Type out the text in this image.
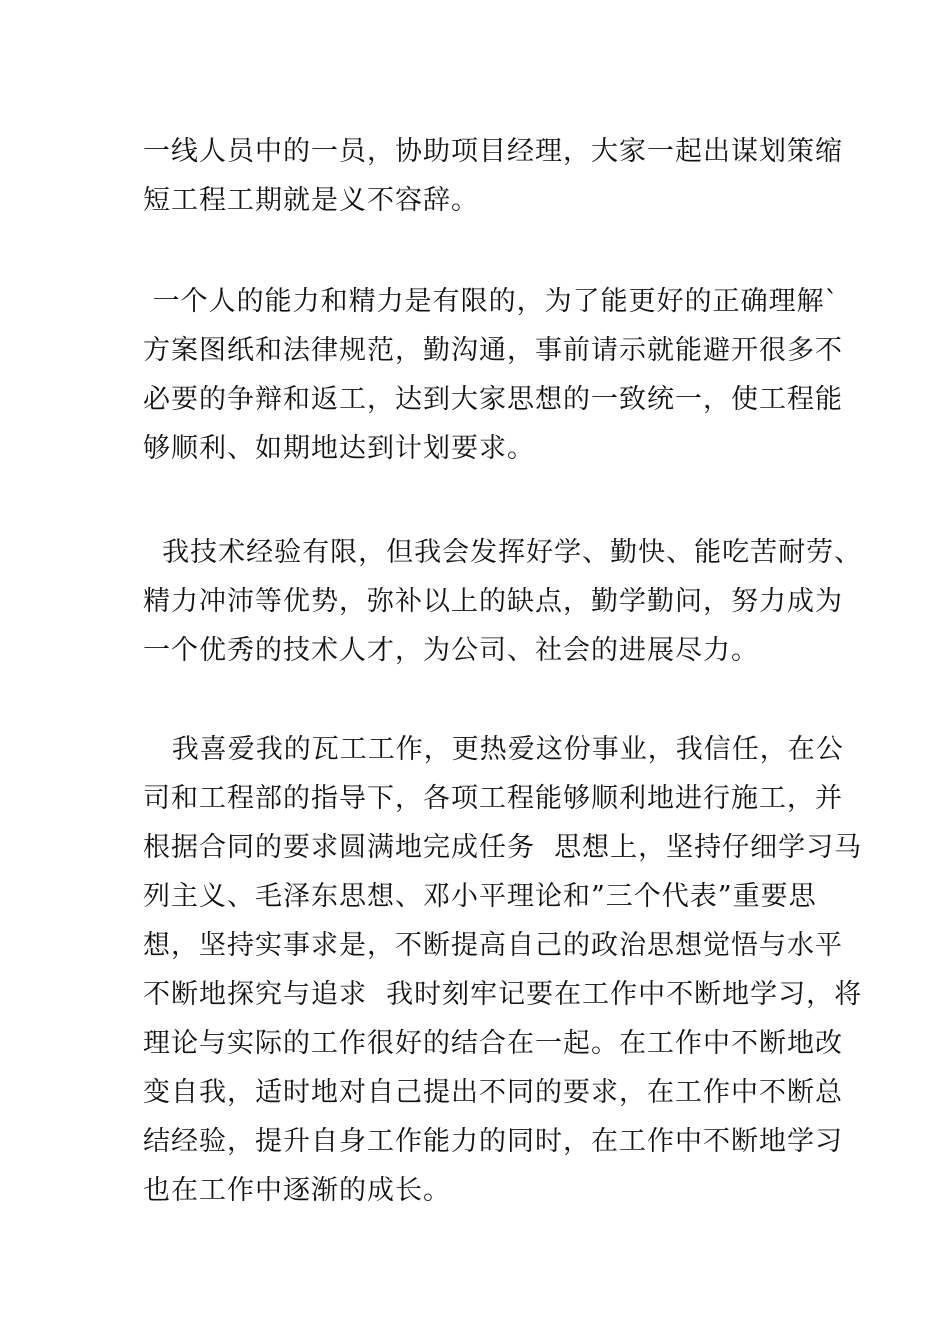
一线人员中的一员，协助项目经理，大家一起出谋划策缩
短工程工期就是义不容辞。

一个人的能力和精力是有限的，为了能更好的正确理解`
方案图纸和法律规范，勤沟通，事前请示就能避开很多不
必要的争辩和返工，达到大家思想的一致统一，使工程能
够顺利、如期地达到计划要求。

我技术经验有限，但我会发挥好学、勤快、能吃苦耐劳、
精力冲沛等优势，弥补以上的缺点，勤学勤问，努力成为
一个优秀的技术人才，为公司、社会的进展尽力。

我喜爱我的瓦工工作，更热爱这份事业，我信任，在公
司和工程部的指导下，各项工程能够顺利地进行施工，并
根据合同的要求圆满地完成任务  思想上，坚持仔细学习马
列主义、毛泽东思想、邓小平理论和”三个代表”重要思
想，坚持实事求是，不断提高自己的政治思想觉悟与水平
不断地探究与追求  我时刻牢记要在工作中不断地学习，将
理论与实际的工作很好的结合在一起。在工作中不断地改
变自我，适时地对自己提出不同的要求，在工作中不断总
结经验，提升自身工作能力的同时，在工作中不断地学习
也在工作中逐渐的成长。
